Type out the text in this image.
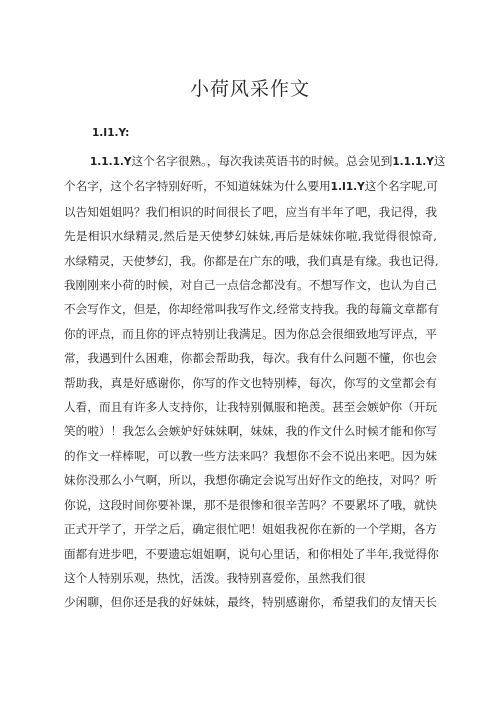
小荷风采作文

1.I1.Y:

1.1.1.Y这个名字很熟。，每次我读英语书的时候。总会见到1.1.1.Y这
个名字，这个名字特别好听，不知道妹妹为什么要用1.I1.Y这个名字呢,可
以告知姐姐吗？我们相识的时间很长了吧，应当有半年了吧，我记得，我
先是相识水绿精灵,然后是天使梦幻妹妹,再后是妹妹你啦,我觉得很惊奇,
水绿精灵，天使梦幻，我。你都是在广东的哦，我们真是有缘。我也记得,
我刚刚来小荷的时候，对自己一点信念都没有。不想写作文，也认为自己
不会写作文，但是，你却经常叫我写作文,经常支持我。我的每篇文章都有
你的评点，而且你的评点特别让我满足。因为你总会很细致地写评点，平
常，我遇到什么困难，你都会帮助我，每次。我有什么问题不懂，你也会
帮助我，真是好感谢你，你写的作文也特别棒，每次，你写的文堂都会有
人看，而且有许多人支持你，让我特别佩服和艳羡。甚至会嫉妒你（开玩
笑的啦）！我怎么会嫉妒好妹妹啊，妹妹，我的作文什么时候才能和你写
的作文一样棒呢，可以教一些方法来吗？我想你不会不说出来吧。因为妹
妹你没那么小气啊，所以，我想你确定会说写出好作文的绝技，对吗？听
你说，这段时间你要补课，那不是很惨和很辛苦吗？不要累坏了哦，就快
正式开学了，开学之后，确定很忙吧！姐姐我祝你在新的一个学期，各方
面都有进步吧，不要遗忘姐姐啊，说句心里话，和你相处了半年,我觉得你
这个人特别乐观，热忱，活泼。我特别喜爱你，虽然我们很
少闲聊，但你还是我的好妹妹，最终，特别感谢你，希望我们的友情天长
